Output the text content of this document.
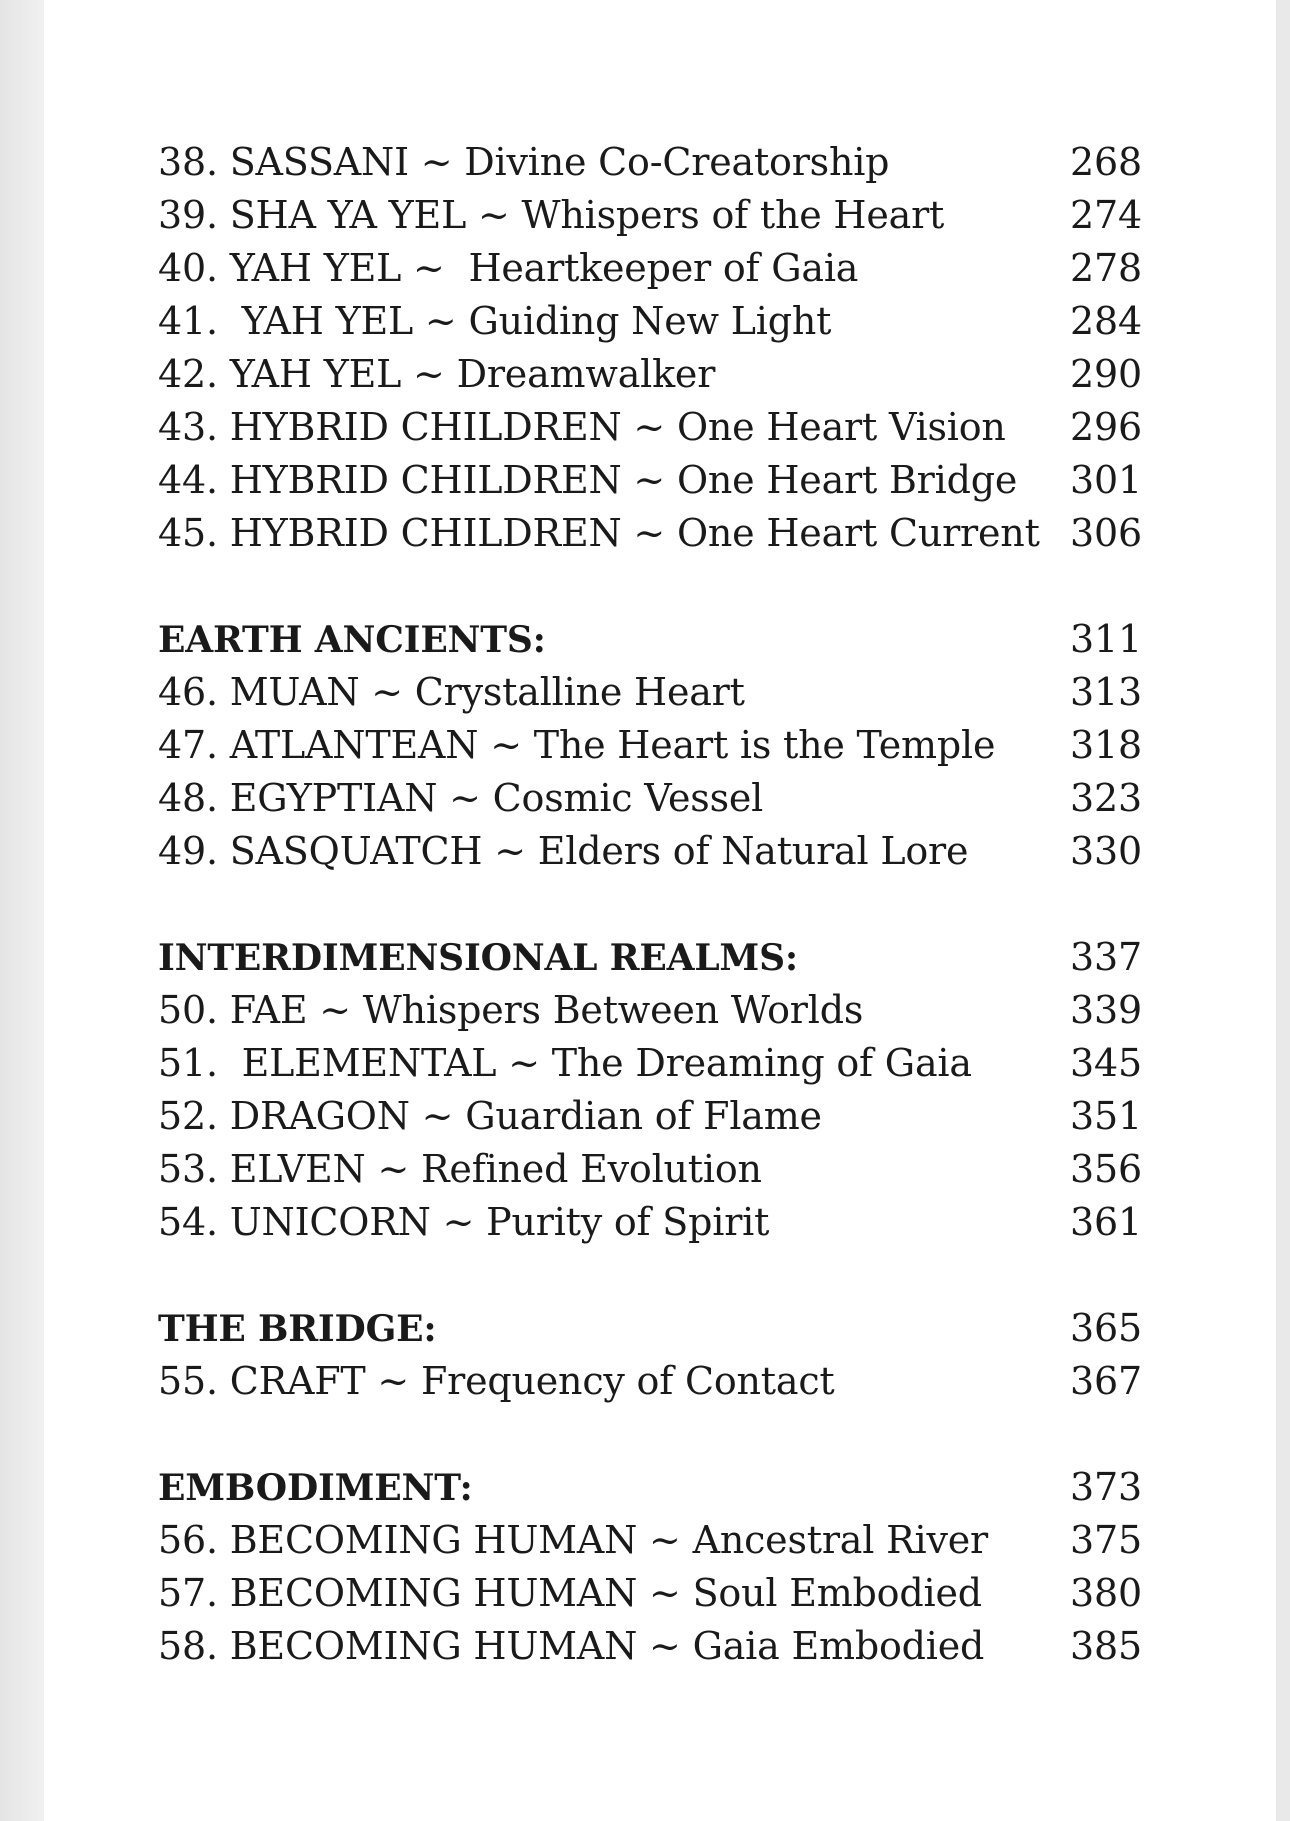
38. SASSANI ~ Divine Co-Creatorship	268
39. SHA YA YEL ~ Whispers of the Heart	274
40. YAH YEL ~  Heartkeeper of Gaia	278
41.  YAH YEL ~ Guiding New Light	284
42. YAH YEL ~ Dreamwalker	290
43. HYBRID CHILDREN ~ One Heart Vision 296
44. HYBRID CHILDREN ~ One Heart Bridge 301
45. HYBRID CHILDREN ~ One Heart Current 306
EARTH ANCIENTS:	311
46. MUAN ~ Crystalline Heart	313
47. ATLANTEAN ~ The Heart is the Temple 318
48. EGYPTIAN ~ Cosmic Vessel	323
49. SASQUATCH ~ Elders of Natural Lore	330
INTERDIMENSIONAL REALMS:	337
50. FAE ~ Whispers Between Worlds	339
51.  ELEMENTAL ~ The Dreaming of Gaia	345
52. DRAGON ~ Guardian of Flame	351
53. ELVEN ~ Refined Evolution	356
54. UNICORN ~ Purity of Spirit	361
THE BRIDGE:	365
55. CRAFT ~ Frequency of Contact	367
EMBODIMENT:	373
56. BECOMING HUMAN ~ Ancestral River 375
57. BECOMING HUMAN ~ Soul Embodied 380
58. BECOMING HUMAN ~ Gaia Embodied 385
